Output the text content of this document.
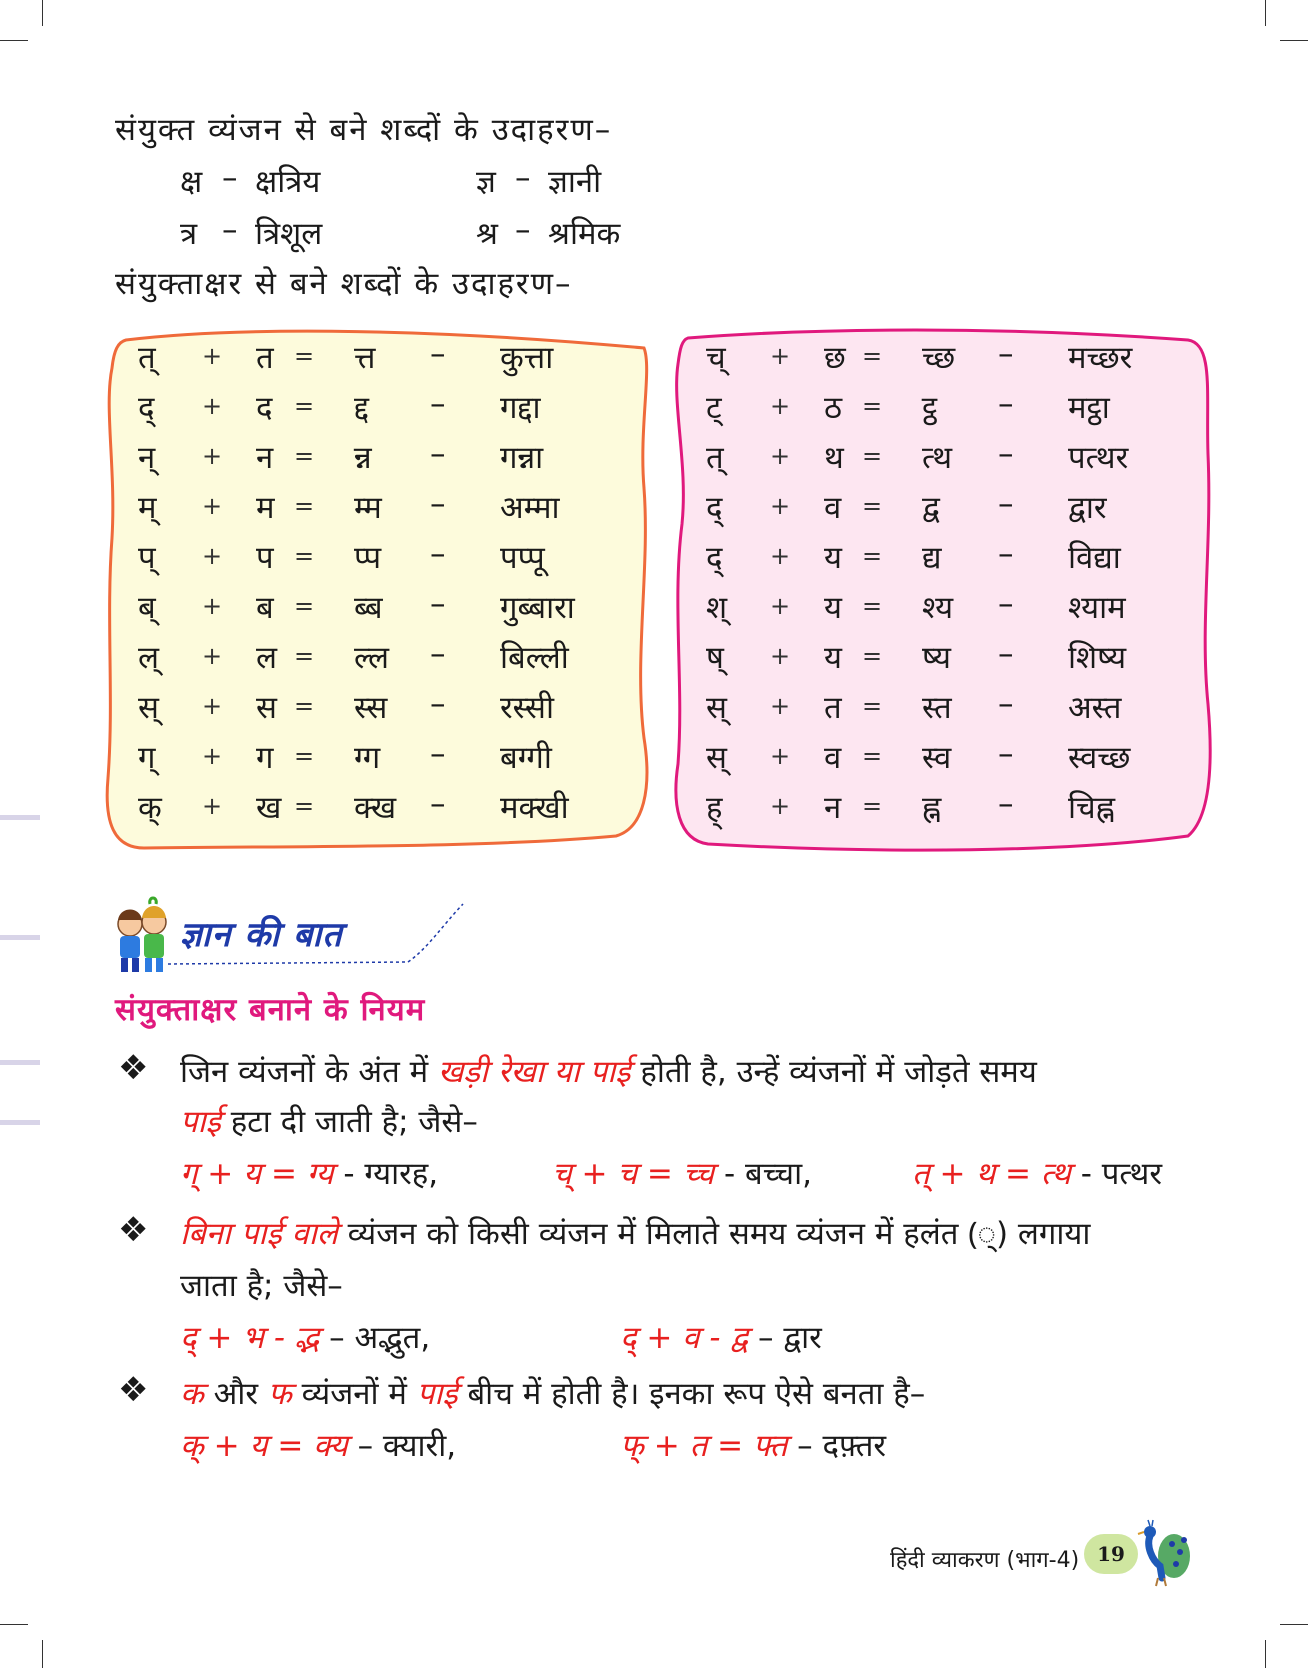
संयुक्त व्यंजन से बने शब्दों के उदाहरण–
क्ष – क्षत्रिय	ज्ञ – ज्ञानी
त्र – त्रिशूल	श्र – श्रमिक
संयुक्ताक्षर से बने शब्दों के उदाहरण–
त् + त = त्त – कुत्ता
द् + द = द्द – गद्दा
न् + न = न्न – गन्ना
म् + म = म्म – अम्मा
प् + प = प्प – पप्पू
ब् + ब = ब्ब – गुब्बारा
ल् + ल = ल्ल – बिल्ली
स् + स = स्स – रस्सी
ग् + ग = ग्ग – बग्गी
क् + ख = क्ख – मक्खी
च् + छ = च्छ – मच्छर
ट् + ठ = ट्ठ – मट्ठा
त् + थ = त्थ – पत्थर
द् + व = द्व – द्वार
द् + य = द्य – विद्या
श् + य = श्य – श्याम
ष् + य = ष्य – शिष्य
स् + त = स्त – अस्त
स् + व = स्व – स्वच्छ
ह् + न = ह्न – चिह्न
ज्ञान की बात
संयुक्ताक्षर बनाने के नियम
❖ जिन व्यंजनों के अंत में खड़ी रेखा या पाई होती है, उन्हें व्यंजनों में जोड़ते समय
पाई हटा दी जाती है; जैसे–
ग् + य = ग्य - ग्यारह,	च् + च = च्च - बच्चा,	त् + थ = त्थ - पत्थर
❖ बिना पाई वाले व्यंजन को किसी व्यंजन में मिलाते समय व्यंजन में हलंत (्) लगाया
जाता है; जैसे–
द् + भ - द्भ – अद्भुत,	द् + व - द्व – द्वार
❖ क और फ व्यंजनों में पाई बीच में होती है। इनका रूप ऐसे बनता है–
क् + य = क्य – क्यारी,	फ् + त = फ्त – दफ़्तर
हिंदी व्याकरण (भाग-4) 19
